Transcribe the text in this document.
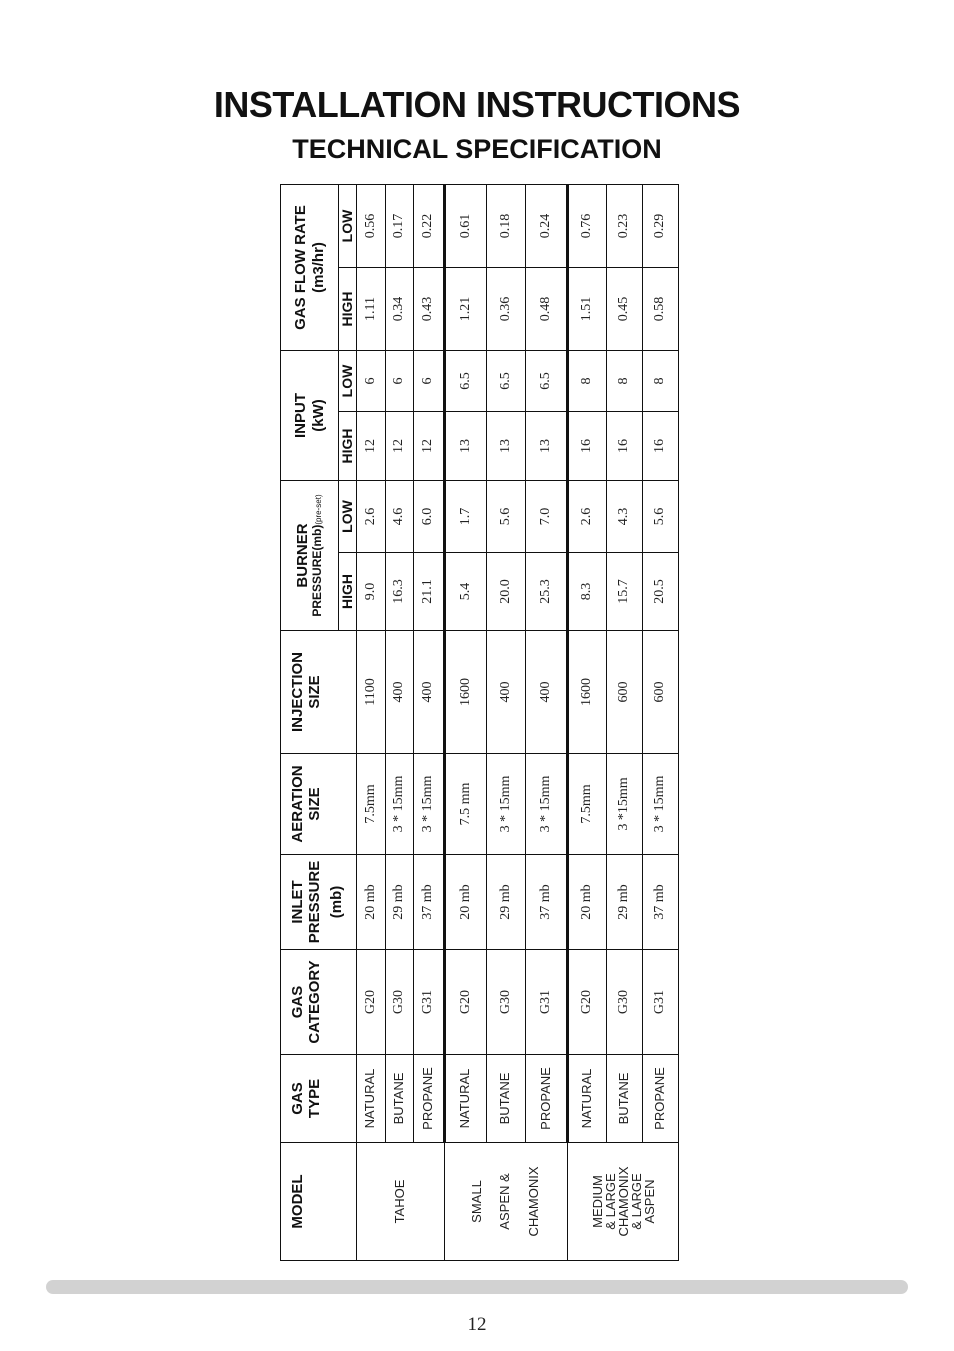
INSTALLATION INSTRUCTIONS
TECHNICAL SPECIFICATION
MODEL	GAS TYPE	GAS CATEGORY	INLET PRESSURE (mb)	AERATION SIZE	INJECTION SIZE	BURNER PRESSURE(mb)(pre-set)		INPUT (kW)		GAS FLOW RATE (m3/hr)	

						HIGH	LOW	HIGH	LOW	HIGH	LOW

TAHOE	NATURAL	G20	20 mb	7.5mm	1100	9.0	2.6	12	6	1.11	0.56
	BUTANE	G30	29 mb	3 * 15mm	400	16.3	4.6	12	6	0.34	0.17
	PROPANE	G31	37 mb	3 * 15mm	400	21.1	6.0	12	6	0.43	0.22

SMALL ASPEN & CHAMONIX	NATURAL	G20	20 mb	7.5 mm	1600	5.4	1.7	13	6.5	1.21	0.61
	BUTANE	G30	29 mb	3 * 15mm	400	20.0	5.6	13	6.5	0.36	0.18
	PROPANE	G31	37 mb	3 * 15mm	400	25.3	7.0	13	6.5	0.48	0.24

MEDIUM
& LARGE
CHAMONIX
& LARGE
ASPEN	NATURAL	G20	20 mb	7.5mm	1600	8.3	2.6	16	8	1.51	0.76
	BUTANE	G30	29 mb	3 *15mm	600	15.7	4.3	16	8	0.45	0.23
	PROPANE	G31	37 mb	3 * 15mm	600	20.5	5.6	16	8	0.58	0.29
12
